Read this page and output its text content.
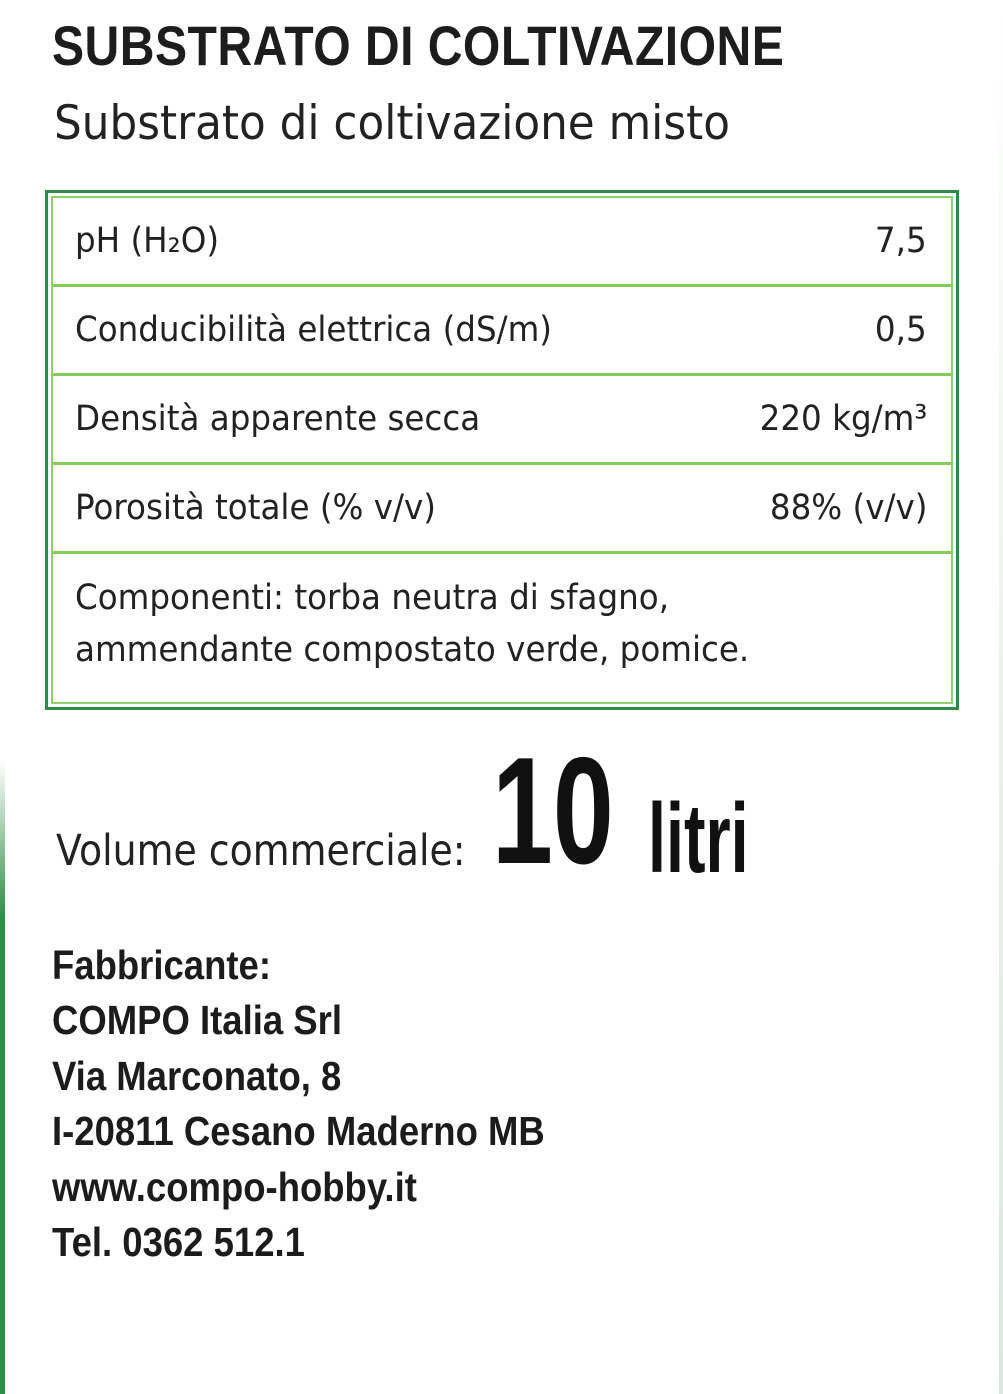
SUBSTRATO DI COLTIVAZIONE
Substrato di coltivazione misto
pH (H₂O)	7,5
Conducibilità elettrica (dS/m)	0,5
Densità apparente secca	220 kg/m³
Porosità totale (% v/v)	88% (v/v)
Componenti: torba neutra di sfagno,
ammendante compostato verde, pomice.
Volume commerciale: 10 litri
Fabbricante:
COMPO Italia Srl
Via Marconato, 8
I-20811 Cesano Maderno MB
www.compo-hobby.it
Tel. 0362 512.1
